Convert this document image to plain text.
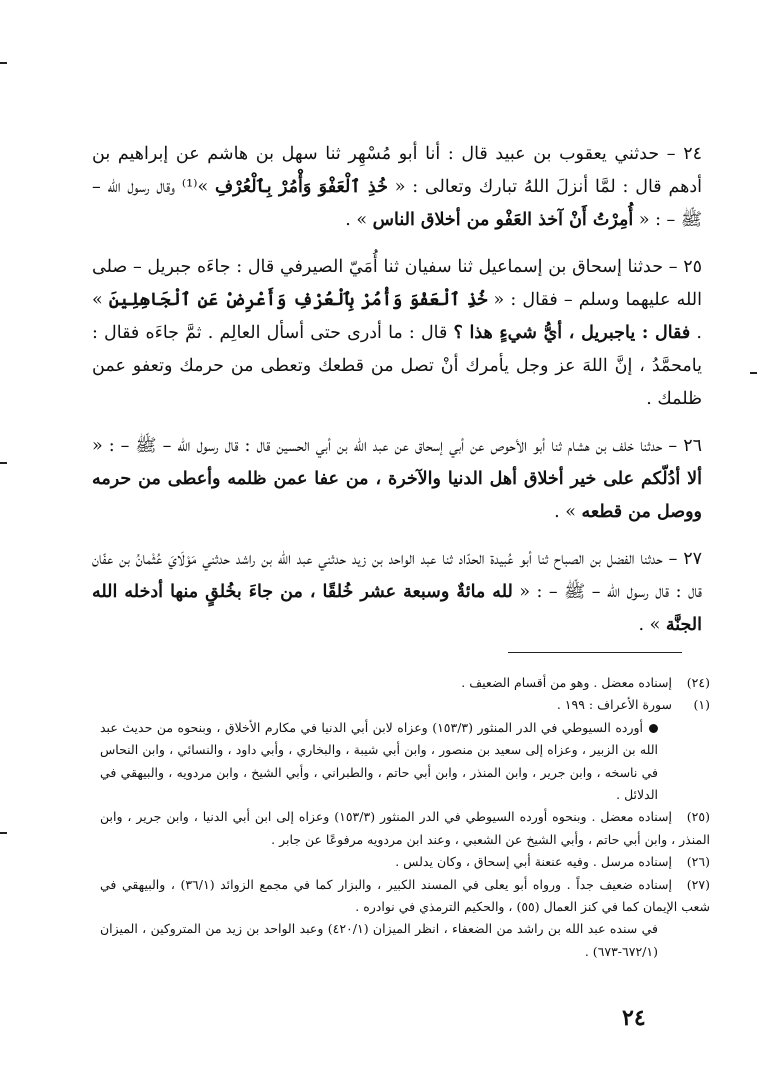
٢٤ – حدثني يعقوب بن عبيد قال : أنا أبو مُسْهِر ثنا سهل بن هاشم عن إبراهيم بن أدهم قال : لمَّا أنزلَ اللهُ تبارك وتعالى : « خُذِ ٱلْعَفْوَ وَأْمُرْ بِٱلْعُرْفِ »⁽¹⁾ وقال رسول الله – ﷺ – : « أُمِرْتُ أَنْ آخذ العَفْو من أخلاق الناس » .

٢٥ – حدثنا إسحاق بن إسماعيل ثنا سفيان ثنا أُمَيّ الصيرفي قال : جاءَه جبريل – صلى الله عليهما وسلم – فقال : « خُذِ ٱلْعَفْوَ وَأْمُرْ بِٱلْعُرْفِ وَأَعْرِضْ عَنِ ٱلْجَاهِلِينَ » . فقال : ياجبريل ، أيُّ شيءٍ هذا ؟ قال : ما أدرى حتى أسأل العالِم . ثمَّ جاءَه فقال : يامحمَّدُ ، إنَّ اللهَ عز وجل يأمرك أنْ تصل من قطعك وتعطى من حرمك وتعفو عمن ظلمك .

٢٦ – حدثنا خلف بن هشام ثنا أبو الأحوص عن أبي إسحاق عن عبد الله بن أبي الحسين قال : قال رسول الله – ﷺ – : « ألا أدُلّكم على خير أخلاق أهل الدنيا والآخرة ، من عفا عمن ظلمه وأعطى من حرمه ووصل من قطعه » .

٢٧ – حدثنا الفضل بن الصباح ثنا أبو عُبيدة الحدّاد ثنا عبد الواحد بن زيد حدثني عبد الله بن راشد حدثني مَوْلَايَ عُثْمانُ بن عفّان قال : قال رسول الله – ﷺ – : « لله مائةٌ وسبعة عشر خُلقًا ، من جاءَ بخُلقٍ منها أدخله الله الجنَّة » .

(٢٤)إسناده معضل . وهو من أقسام الضعيف .

(١)سورة الأعراف : ١٩٩ .

أورده السيوطي في الدر المنثور (١٥٣/٣) وعزاه لابن أبي الدنيا في مكارم الأخلاق ، وبنحوه من حديث عبد الله بن الزبير ، وعزاه إلى سعيد بن منصور ، وابن أبي شيبة ، والبخاري ، وأبي داود ، والنسائي ، وابن النحاس في ناسخه ، وابن جرير ، وابن المنذر ، وابن أبي حاتم ، والطبراني ، وأبي الشيخ ، وابن مردويه ، والبيهقي في الدلائل .

(٢٥)إسناده معضل . وبنحوه أورده السيوطي في الدر المنثور (١٥٣/٣) وعزاه إلى ابن أبي الدنيا ، وابن جرير ، وابن المنذر ، وابن أبي حاتم ، وأبي الشيخ عن الشعبي ، وعند ابن مردويه مرفوعًا عن جابر .

(٢٦)إسناده مرسل . وفيه عنعنة أبي إسحاق ، وكان يدلس .

(٢٧)إسناده ضعيف جداً . ورواه أبو يعلى في المسند الكبير ، والبزار كما في مجمع الزوائد (٣٦/١) ، والبيهقي في شعب الإيمان كما في كنز العمال (٥٥) ، والحكيم الترمذي في نوادره .

في سنده عبد الله بن راشد من الضعفاء ، انظر الميزان (٤٢٠/١) وعبد الواحد بن زيد من المتروكين ، الميزان (٦٧٢/١-٦٧٣) .

٢٤
